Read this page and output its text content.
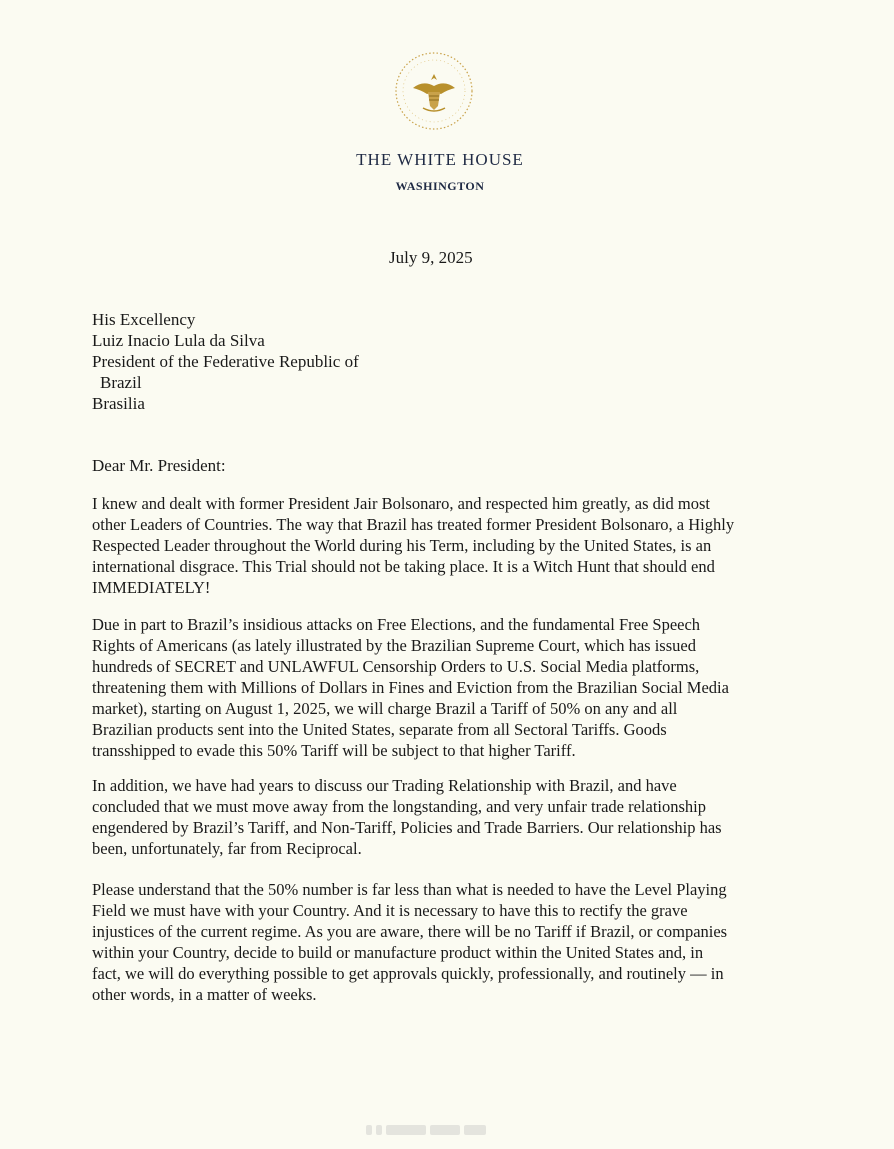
THE WHITE HOUSE
WASHINGTON
July 9, 2025
His Excellency
Luiz Inacio Lula da Silva
President of the Federative Republic of
Brazil
Brasilia
Dear Mr. President:
I knew and dealt with former President Jair Bolsonaro, and respected him greatly, as did most
other Leaders of Countries. The way that Brazil has treated former President Bolsonaro, a Highly
Respected Leader throughout the World during his Term, including by the United States, is an
international disgrace. This Trial should not be taking place. It is a Witch Hunt that should end
IMMEDIATELY!
Due in part to Brazil’s insidious attacks on Free Elections, and the fundamental Free Speech
Rights of Americans (as lately illustrated by the Brazilian Supreme Court, which has issued
hundreds of SECRET and UNLAWFUL Censorship Orders to U.S. Social Media platforms,
threatening them with Millions of Dollars in Fines and Eviction from the Brazilian Social Media
market), starting on August 1, 2025, we will charge Brazil a Tariff of 50% on any and all
Brazilian products sent into the United States, separate from all Sectoral Tariffs. Goods
transshipped to evade this 50% Tariff will be subject to that higher Tariff.
In addition, we have had years to discuss our Trading Relationship with Brazil, and have
concluded that we must move away from the longstanding, and very unfair trade relationship
engendered by Brazil’s Tariff, and Non-Tariff, Policies and Trade Barriers. Our relationship has
been, unfortunately, far from Reciprocal.
Please understand that the 50% number is far less than what is needed to have the Level Playing
Field we must have with your Country. And it is necessary to have this to rectify the grave
injustices of the current regime. As you are aware, there will be no Tariff if Brazil, or companies
within your Country, decide to build or manufacture product within the United States and, in
fact, we will do everything possible to get approvals quickly, professionally, and routinely — in
other words, in a matter of weeks.
